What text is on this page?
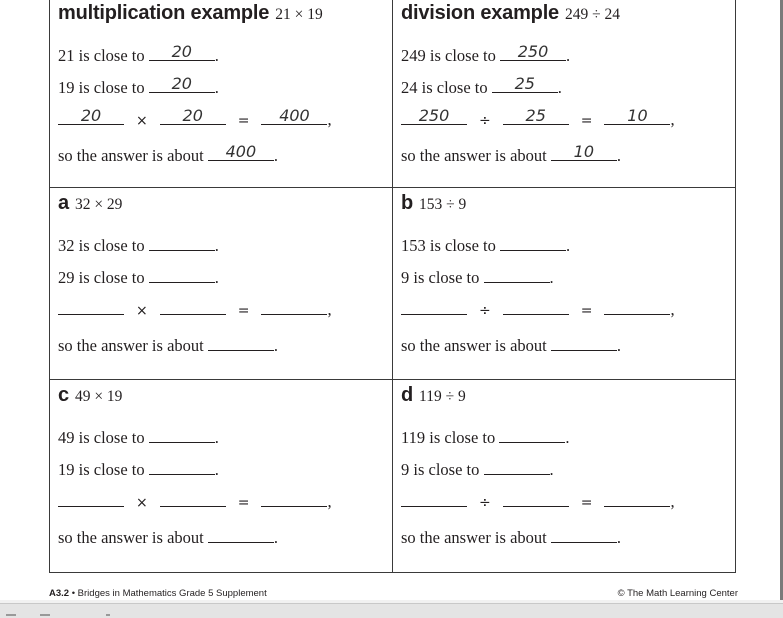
multiplication example 21 × 19
21 is close to	20	.
19 is close to	20	.
20	×	20	=	400	,
so the answer is about	400	.
division example 249 ÷ 24
249 is close to	250	.
24 is close to	25	.
250	÷	25	=	10	,
so the answer is about	10	.
a 32 × 29
32 is close to	.
29 is close to	.
×	=	,
so the answer is about	.
b 153 ÷ 9
153 is close to	.
9 is close to	.
÷	=	,
so the answer is about	.
c 49 × 19
49 is close to	.
19 is close to	.
×	=	,
so the answer is about	.
d 119 ÷ 9
119 is close to	.
9 is close to	.
÷	=	,
so the answer is about	.
A3.2 • Bridges in Mathematics Grade 5 Supplement	© The Math Learning Center
